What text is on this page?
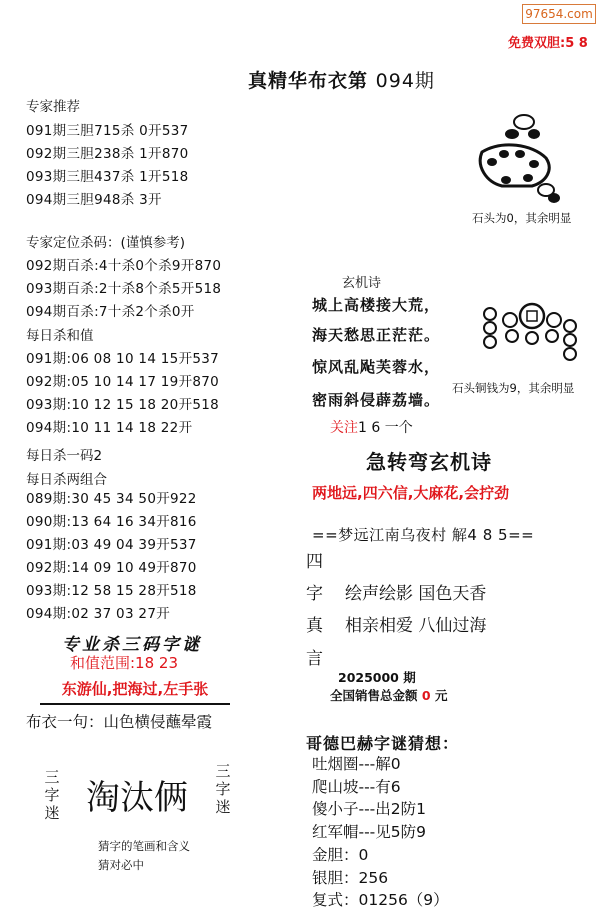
97654.com
免费双胆:5 8
真精华布衣第 094期
专家推荐
091期三胆715杀 0开537
092期三胆238杀 1开870
093期三胆437杀 1开518
094期三胆948杀 3开
专家定位杀码：(谨慎参考)
092期百杀:4十杀0个杀9开870
093期百杀:2十杀8个杀5开518
094期百杀:7十杀2个杀0开
每日杀和值
091期:06 08 10 14 15开537
092期:05 10 14 17 19开870
093期:10 12 15 18 20开518
094期:10 11 14 18 22开
每日杀一码2
每日杀两组合
089期:30 45 34 50开922
090期:13 64 16 34开816
091期:03 49 04 39开537
092期:14 09 10 49开870
093期:12 58 15 28开518
094期:02 37 03 27开
专业杀三码字谜
和值范围:18 23
东游仙,把海过,左手张
布衣一句：山色横侵蘸晕霞
三字迷 淘汰俩
三字迷
猜字的笔画和含义
猜对必中
石头为0，其余明显
石头铜钱为9，其余明显
玄机诗
城上高楼接大荒，
海天愁思正茫茫。
惊风乱飐芙蓉水，
密雨斜侵薜荔墙。
关注1 6 一个
急转弯玄机诗
两地远,四六信,大麻花,会拧劲
==梦远江南乌夜村 解4 8 5==
四
字 绘声绘影 国色天香
真 相亲相爱 八仙过海
言
2025000 期
全国销售总金额 0 元
哥德巴赫字谜猜想：
吐烟圈---解0
爬山坡---有6
傻小子---出2防1
红军帽---见5防9
金胆：0
银胆：256
复式：01256（9）
